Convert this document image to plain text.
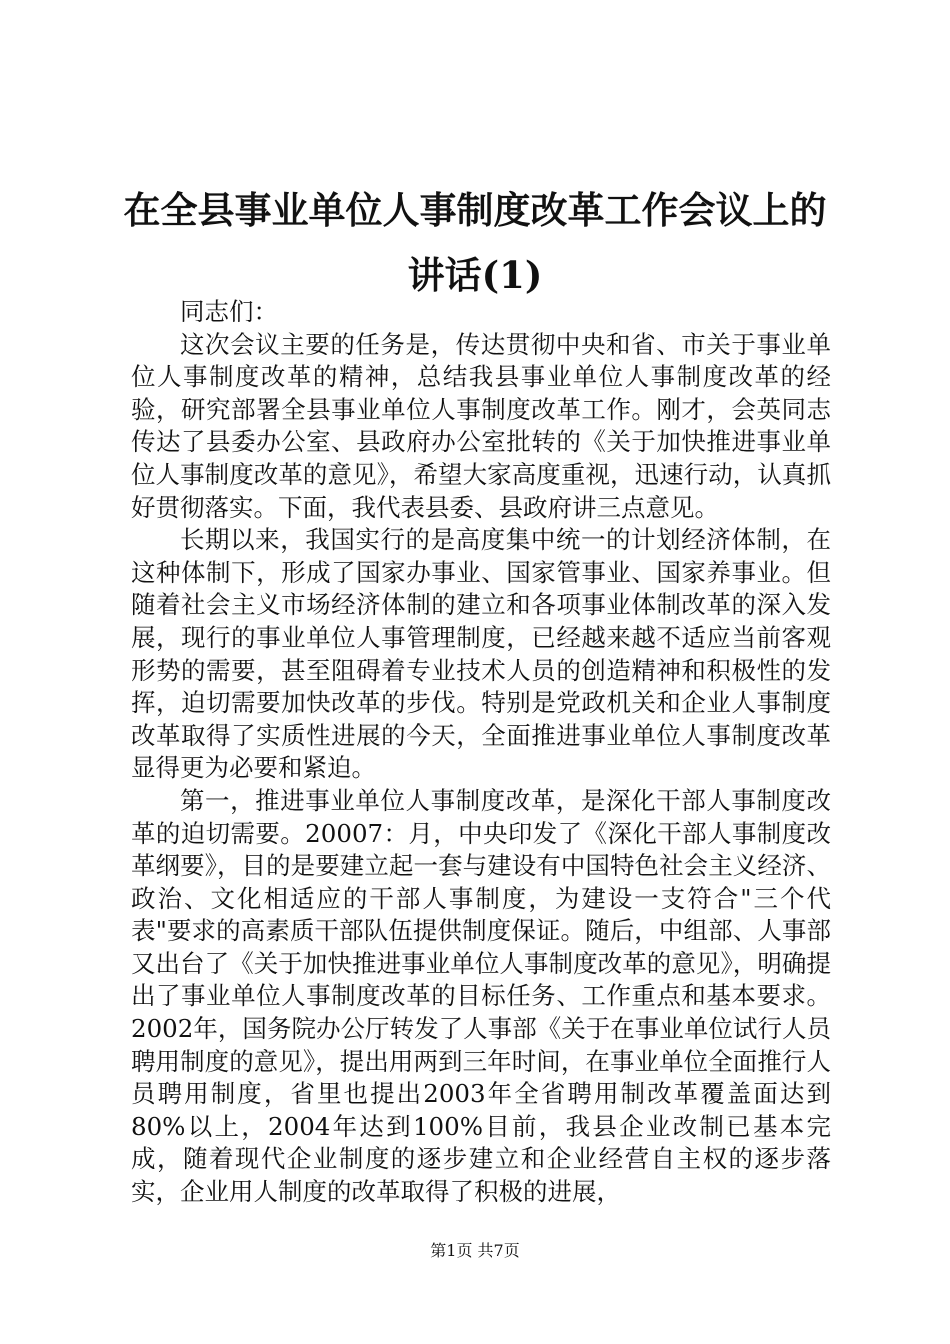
在全县事业单位人事制度改革工作会议上的讲话(1)

同志们：

这次会议主要的任务是，传达贯彻中央和省、市关于事业单位人事制度改革的精神，总结我县事业单位人事制度改革的经验，研究部署全县事业单位人事制度改革工作。刚才，会英同志传达了县委办公室、县政府办公室批转的《关于加快推进事业单位人事制度改革的意见》，希望大家高度重视，迅速行动，认真抓好贯彻落实。下面，我代表县委、县政府讲三点意见。

长期以来，我国实行的是高度集中统一的计划经济体制，在这种体制下，形成了国家办事业、国家管事业、国家养事业。但随着社会主义市场经济体制的建立和各项事业体制改革的深入发展，现行的事业单位人事管理制度，已经越来越不适应当前客观形势的需要，甚至阻碍着专业技术人员的创造精神和积极性的发挥，迫切需要加快改革的步伐。特别是党政机关和企业人事制度改革取得了实质性进展的今天，全面推进事业单位人事制度改革显得更为必要和紧迫。

第一，推进事业单位人事制度改革，是深化干部人事制度改革的迫切需要。20007：月，中央印发了《深化干部人事制度改革纲要》，目的是要建立起一套与建设有中国特色社会主义经济、政治、文化相适应的干部人事制度，为建设一支符合"三个代表"要求的高素质干部队伍提供制度保证。随后，中组部、人事部又出台了《关于加快推进事业单位人事制度改革的意见》，明确提出了事业单位人事制度改革的目标任务、工作重点和基本要求。2002年，国务院办公厅转发了人事部《关于在事业单位试行人员聘用制度的意见》，提出用两到三年时间，在事业单位全面推行人员聘用制度，省里也提出2003年全省聘用制改革覆盖面达到80%以上，2004年达到100%目前，我县企业改制已基本完成，随着现代企业制度的逐步建立和企业经营自主权的逐步落实，企业用人制度的改革取得了积极的进展，

第1页 共7页
